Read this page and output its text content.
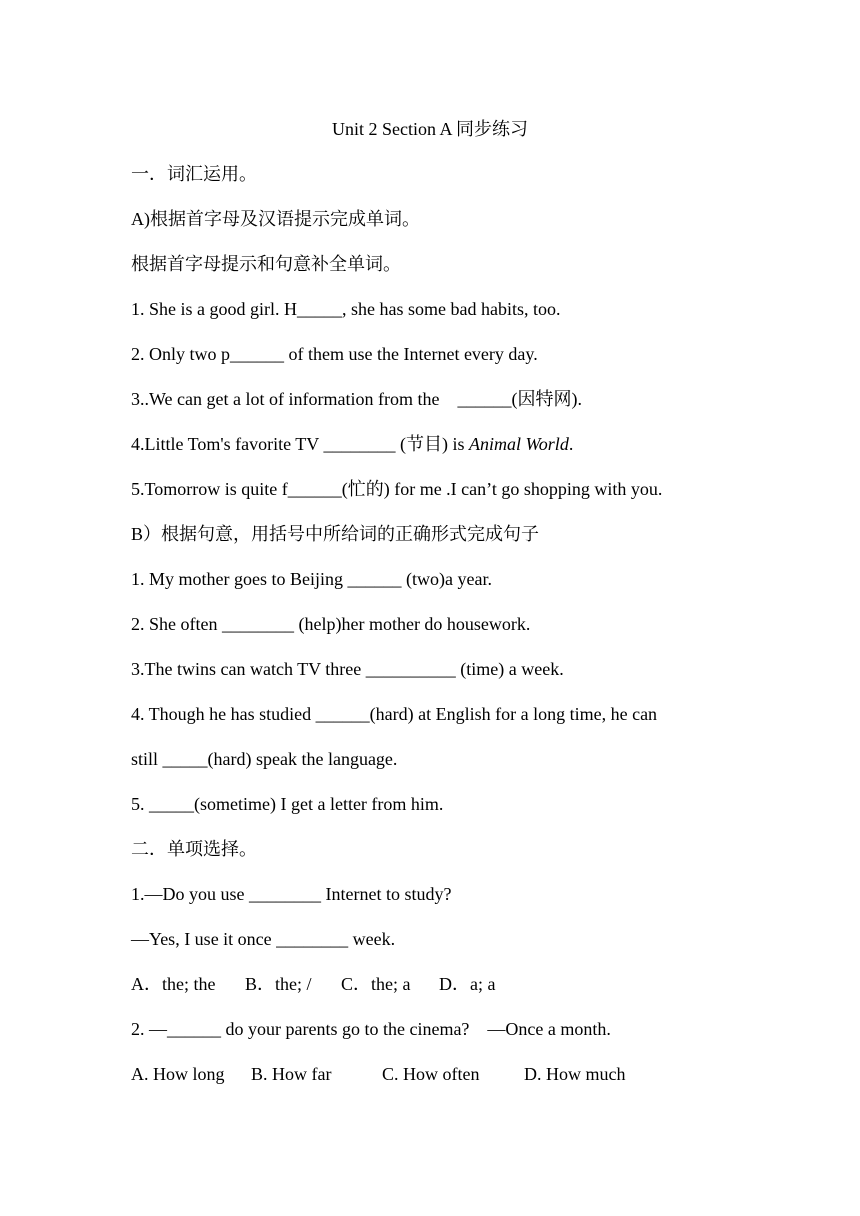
Unit 2 Section A 同步练习
一．词汇运用。
A)根据首字母及汉语提示完成单词。
根据首字母提示和句意补全单词。
1. She is a good girl. H_____, she has some bad habits, too.
2. Only two p______ of them use the Internet every day.
3..We can get a lot of information from the    ______(因特网).
4.Little Tom's favorite TV ________ (节目) is Animal World.
5.Tomorrow is quite f______(忙的) for me .I can’t go shopping with you.
B）根据句意，用括号中所给词的正确形式完成句子
1. My mother goes to Beijing ______ (two)a year.
2. She often ________ (help)her mother do housework.
3.The twins can watch TV three __________ (time) a week.
4. Though he has studied ______(hard) at English for a long time, he can
still _____(hard) speak the language.
5. _____(sometime) I get a letter from him.
二．单项选择。
1.—Do you use ________ Internet to study?
—Yes, I use it once ________ week.
A．the; the B．the; / C．the; a D．a; a
2. —______ do your parents go to the cinema?    —Once a month.
A. How long B. How far	C. How often D. How much
